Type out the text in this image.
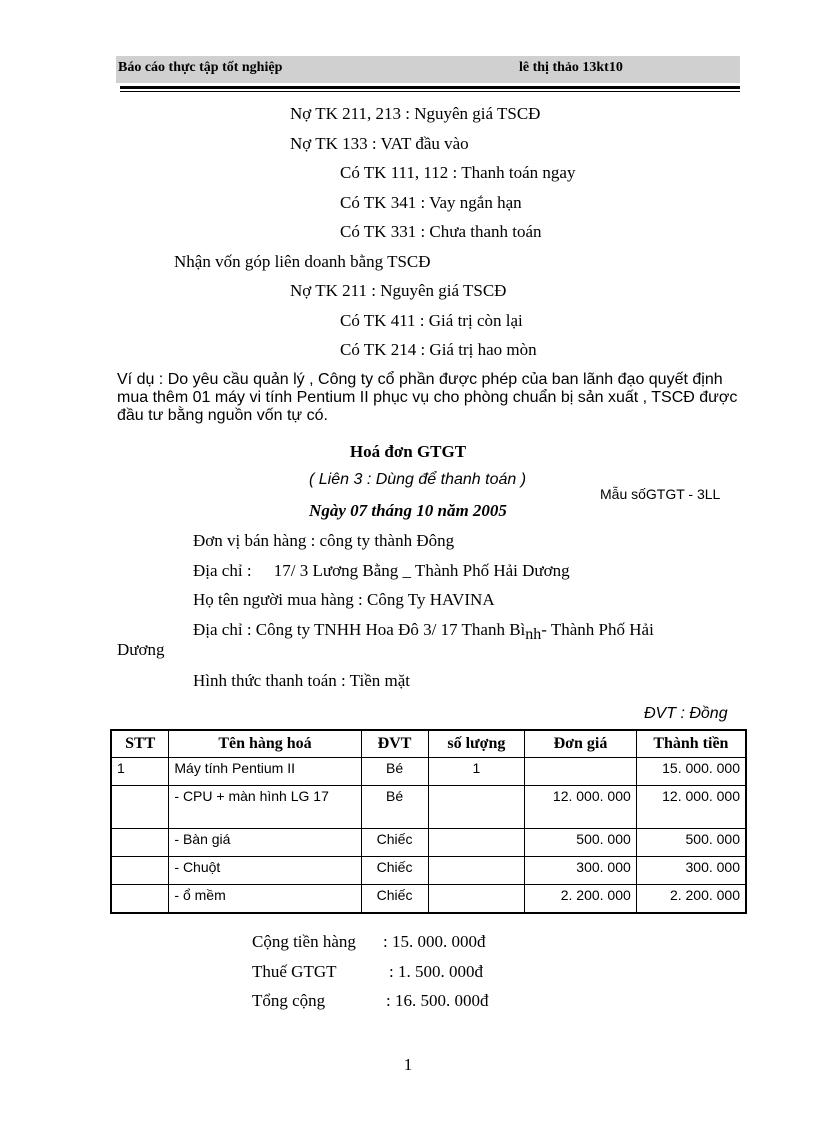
Báo cáo thực tập tốt nghiệp	lê thị thảo 13kt10
Nợ TK 211, 213 : Nguyên giá TSCĐ
Nợ TK 133 : VAT đầu vào
Có TK 111, 112 : Thanh toán ngay
Có TK 341 : Vay ngắn hạn
Có TK 331 : Chưa thanh toán
Nhận vốn góp liên doanh bằng TSCĐ
Nợ TK 211 : Nguyên giá TSCĐ
Có TK 411 : Giá trị còn lại
Có TK 214 : Giá trị hao mòn
Ví dụ : Do yêu cầu quản lý , Công ty cổ phần được phép của ban lãnh đạo quyết định mua thêm 01 máy vi tính Pentium II phục vụ cho phòng chuẩn bị sản xuất , TSCĐ được đầu tư bằng nguồn vốn tự có.
Hoá đơn GTGT
( Liên 3 : Dùng để thanh toán )
Mẫu sốGTGT - 3LL
Ngày 07 tháng 10 năm 2005
Đơn vị bán hàng : công ty thành Đông
Địa chỉ : 17/ 3 Lương Bằng _ Thành Phố Hải Dương
Họ tên người mua hàng : Công Ty HAVINA
Địa chỉ : Công ty TNHH Hoa Đô 3/ 17 Thanh $Bì_{nh}-$ Thành Phố Hải
Dương
Hình thức thanh toán : Tiền mặt
ĐVT : Đồng
STT	Tên hàng hoá	ĐVT	số lượng	Đơn giá	Thành tiền
1	Máy tính Pentium II	Bé	1		15. 000. 000
	- CPU + màn hình LG 17	Bé		12. 000. 000	12. 000. 000
	- Bàn giá	Chiếc		500. 000	500. 000
	- Chuột	Chiếc		300. 000	300. 000
	- ổ mềm	Chiếc		2. 200. 000	2. 200. 000
Cộng tiền hàng : 15. 000. 000đ
Thuế GTGT	: 1. 500. 000đ
Tổng cộng	: 16. 500. 000đ
1
